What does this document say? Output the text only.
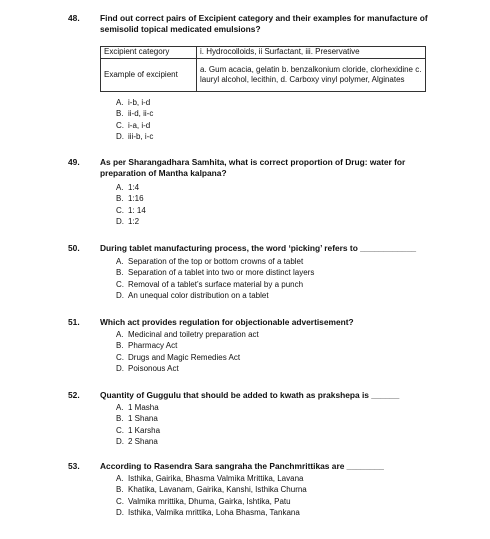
48. Find out correct pairs of Excipient category and their examples for manufacture of semisolid topical medicated emulsions?
Excipient category	i. Hydrocolloids, ii Surfactant, iii. Preservative
Example of excipient	a. Gum acacia, gelatin b. benzalkonium cloride, clorhexidine c. lauryl alcohol, lecithin, d. Carboxy vinyl polymer, Alginates
A. i-b, i-d
B. ii-d, ii-c
C. i-a, i-d
D. iii-b, i-c
49. As per Sharangadhara Samhita, what is correct proportion of Drug: water for preparation of Mantha kalpana?
A. 1:4
B. 1:16
C. 1: 14
D. 1:2
50. During tablet manufacturing process, the word ‘picking’ refers to ____________
A. Separation of the top or bottom crowns of a tablet
B. Separation of a tablet into two or more distinct layers
C. Removal of a tablet’s surface material by a punch
D. An unequal color distribution on a tablet
51. Which act provides regulation for objectionable advertisement?
A. Medicinal and toiletry preparation act
B. Pharmacy Act
C. Drugs and Magic Remedies Act
D. Poisonous Act
52. Quantity of Guggulu that should be added to kwath as prakshepa is ______
A. 1 Masha
B. 1 Shana
C. 1 Karsha
D. 2 Shana
53. According to Rasendra Sara sangraha the Panchmrittikas are ________
A. Isthika, Gairika, Bhasma Valmika Mrittika, Lavana
B. Khatika, Lavanam, Gairika, Kanshi, Isthika Churna
C. Valmika mrittika, Dhuma, Gairka, Ishtika, Patu
D. Isthika, Valmika mrittika, Loha Bhasma, Tankana
